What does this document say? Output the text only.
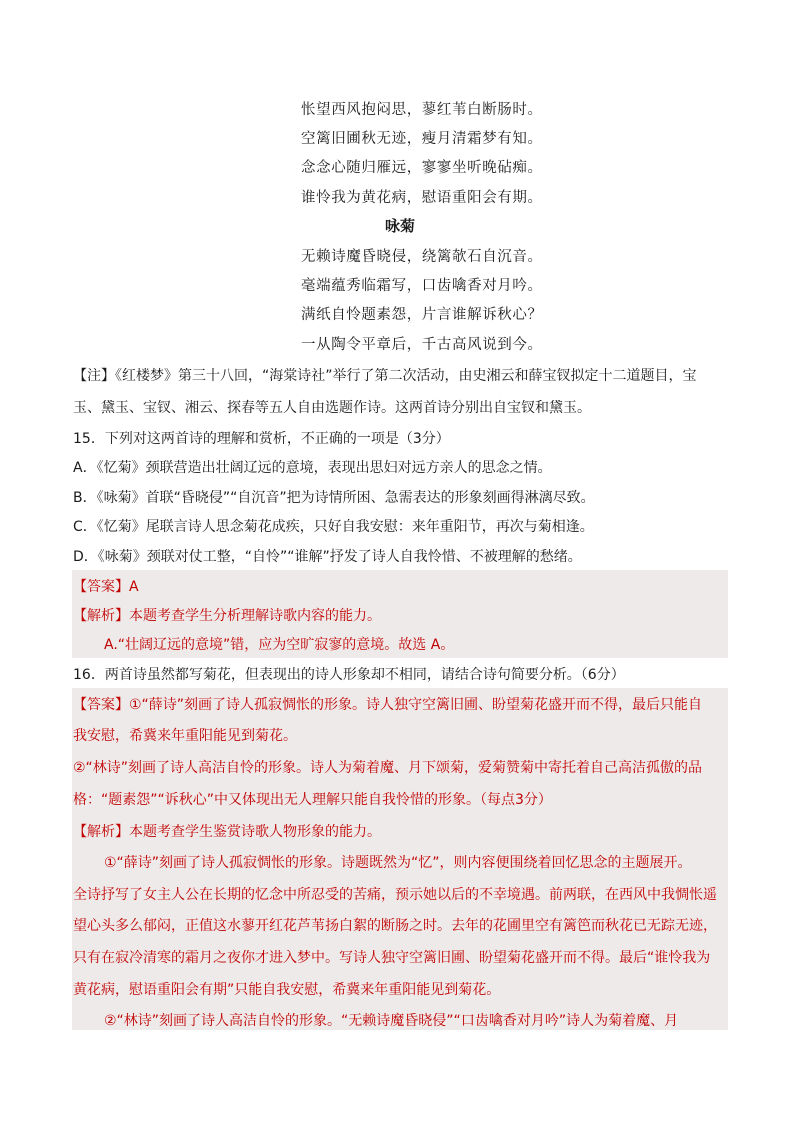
怅望西风抱闷思，蓼红苇白断肠时。
空篱旧圃秋无迹，瘦月清霜梦有知。
念念心随归雁远，寥寥坐听晚砧痴。
谁怜我为黄花病，慰语重阳会有期。
咏菊
无赖诗魔昏晓侵，绕篱欹石自沉音。
毫端蕴秀临霜写，口齿噙香对月吟。
满纸自怜题素怨，片言谁解诉秋心？
一从陶令平章后，千古高风说到今。
【注】《红楼梦》第三十八回，“海棠诗社”举行了第二次活动，由史湘云和薛宝钗拟定十二道题目，宝
玉、黛玉、宝钗、湘云、探春等五人自由选题作诗。这两首诗分别出自宝钗和黛玉。
15．下列对这两首诗的理解和赏析，不正确的一项是（3分）
A．《忆菊》颈联营造出壮阔辽远的意境，表现出思妇对远方亲人的思念之情。
B．《咏菊》首联“昏晓侵”“自沉音”把为诗情所困、急需表达的形象刻画得淋漓尽致。
C．《忆菊》尾联言诗人思念菊花成疾，只好自我安慰：来年重阳节，再次与菊相逢。
D．《咏菊》颈联对仗工整，“自怜”“谁解”抒发了诗人自我怜惜、不被理解的愁绪。
【答案】A
【解析】本题考查学生分析理解诗歌内容的能力。
A.“壮阔辽远的意境”错，应为空旷寂寥的意境。故选 A。
16．两首诗虽然都写菊花，但表现出的诗人形象却不相同，请结合诗句简要分析。（6分）
【答案】①“薛诗”刻画了诗人孤寂惆怅的形象。诗人独守空篱旧圃、盼望菊花盛开而不得，最后只能自
我安慰，希冀来年重阳能见到菊花。
②“林诗”刻画了诗人高洁自怜的形象。诗人为菊着魔、月下颂菊，爱菊赞菊中寄托着自己高洁孤傲的品
格：“题素怨”“诉秋心”中又体现出无人理解只能自我怜惜的形象。（每点3分）
【解析】本题考查学生鉴赏诗歌人物形象的能力。
①“薛诗”刻画了诗人孤寂惆怅的形象。诗题既然为“忆”，则内容便围绕着回忆思念的主题展开。
全诗抒写了女主人公在长期的忆念中所忍受的苦痛，预示她以后的不幸境遇。前两联，在西风中我惆怅遥
望心头多么郁闷，正值这水蓼开红花芦苇扬白絮的断肠之时。去年的花圃里空有篱笆而秋花已无踪无迹，
只有在寂冷清寒的霜月之夜你才进入梦中。写诗人独守空篱旧圃、盼望菊花盛开而不得。最后“谁怜我为
黄花病，慰语重阳会有期”只能自我安慰，希冀来年重阳能见到菊花。
②“林诗”刻画了诗人高洁自怜的形象。“无赖诗魔昏晓侵”“口齿噙香对月吟”诗人为菊着魔、月
